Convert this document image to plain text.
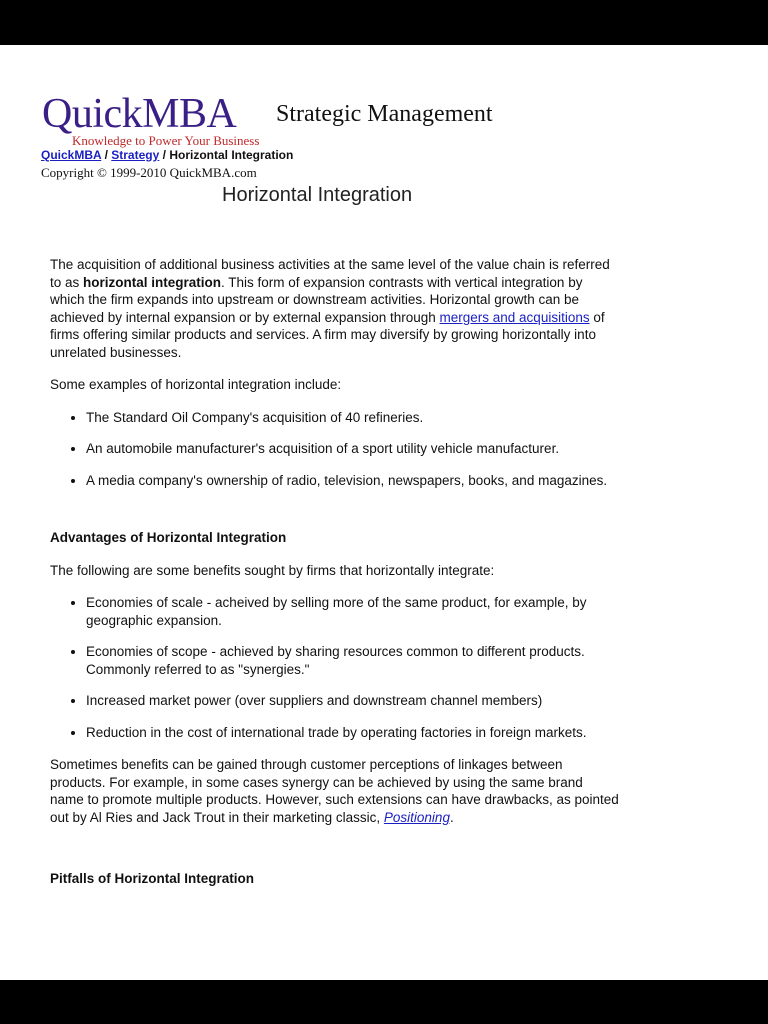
QuickMBA
Knowledge to Power Your Business
Strategic Management
QuickMBA / Strategy / Horizontal Integration
Copyright © 1999-2010 QuickMBA.com
Horizontal Integration

The acquisition of additional business activities at the same level of the value chain is referred to as horizontal integration. This form of expansion contrasts with vertical integration by which the firm expands into upstream or downstream activities. Horizontal growth can be achieved by internal expansion or by external expansion through mergers and acquisitions of firms offering similar products and services. A firm may diversify by growing horizontally into unrelated businesses.

Some examples of horizontal integration include:

• The Standard Oil Company's acquisition of 40 refineries.
• An automobile manufacturer's acquisition of a sport utility vehicle manufacturer.
• A media company's ownership of radio, television, newspapers, books, and magazines.
Advantages of Horizontal Integration

The following are some benefits sought by firms that horizontally integrate:

• Economies of scale - acheived by selling more of the same product, for example, by geographic expansion.
• Economies of scope - achieved by sharing resources common to different products. Commonly referred to as "synergies."
• Increased market power (over suppliers and downstream channel members)
• Reduction in the cost of international trade by operating factories in foreign markets.

Sometimes benefits can be gained through customer perceptions of linkages between products. For example, in some cases synergy can be achieved by using the same brand name to promote multiple products. However, such extensions can have drawbacks, as pointed out by Al Ries and Jack Trout in their marketing classic, Positioning.

Pitfalls of Horizontal Integration
